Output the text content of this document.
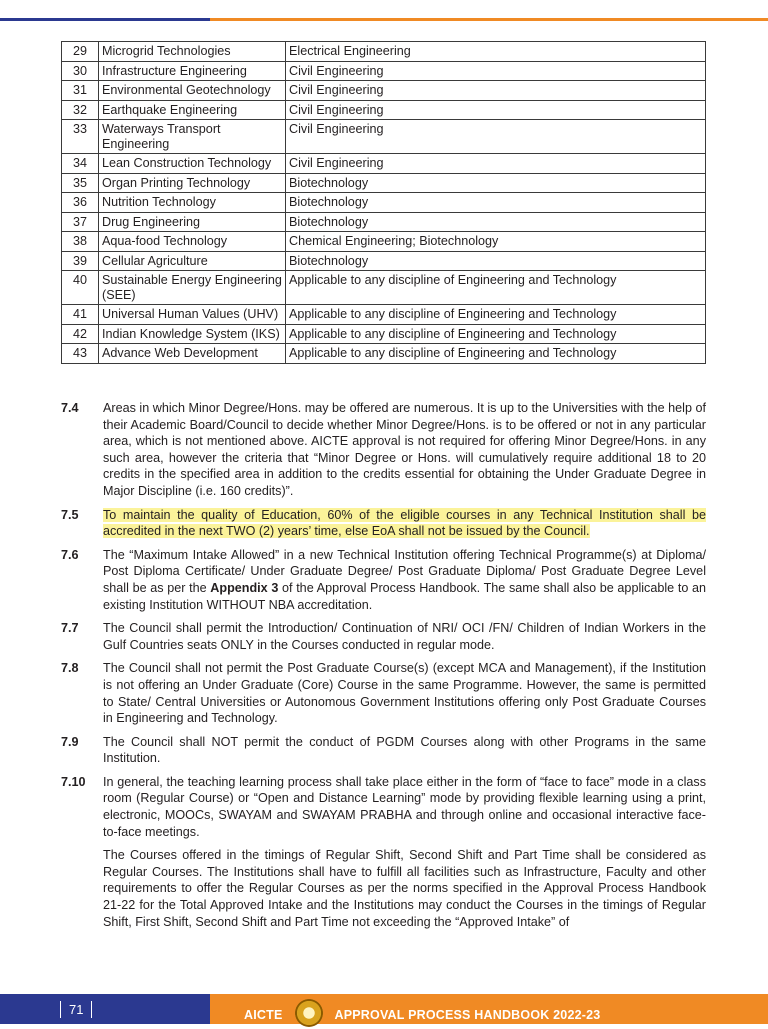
29	Microgrid Technologies	Electrical Engineering
30	Infrastructure Engineering	Civil Engineering
31	Environmental Geotechnology	Civil Engineering
32	Earthquake Engineering	Civil Engineering
33	Waterways Transport Engineering	Civil Engineering
34	Lean Construction Technology	Civil Engineering
35	Organ Printing Technology	Biotechnology
36	Nutrition Technology	Biotechnology
37	Drug Engineering	Biotechnology
38	Aqua-food Technology	Chemical Engineering; Biotechnology
39	Cellular Agriculture	Biotechnology
40	Sustainable Energy Engineering (SEE)	Applicable to any discipline of Engineering and Technology
41	Universal Human Values (UHV)	Applicable to any discipline of Engineering and Technology
42	Indian Knowledge System (IKS)	Applicable to any discipline of Engineering and Technology
43	Advance Web Development	Applicable to any discipline of Engineering and Technology
7.4	Areas in which Minor Degree/Hons. may be offered are numerous. It is up to the Universities with the help of their Academic Board/Council to decide whether Minor Degree/Hons. is to be offered or not in any particular area, which is not mentioned above. AICTE approval is not required for offering Minor Degree/Hons. in any such area, however the criteria that “Minor Degree or Hons. will cumulatively require additional 18 to 20 credits in the specified area in addition to the credits essential for obtaining the Under Graduate Degree in Major Discipline (i.e. 160 credits)”.
7.5	To maintain the quality of Education, 60% of the eligible courses in any Technical Institution shall be accredited in the next TWO (2) years’ time, else EoA shall not be issued by the Council.
7.6	The “Maximum Intake Allowed” in a new Technical Institution offering Technical Programme(s) at Diploma/ Post Diploma Certificate/ Under Graduate Degree/ Post Graduate Diploma/ Post Graduate Degree Level shall be as per the Appendix 3 of the Approval Process Handbook. The same shall also be applicable to an existing Institution WITHOUT NBA accreditation.
7.7	The Council shall permit the Introduction/ Continuation of NRI/ OCI /FN/ Children of Indian Workers in the Gulf Countries seats ONLY in the Courses conducted in regular mode.
7.8	The Council shall not permit the Post Graduate Course(s) (except MCA and Management), if the Institution is not offering an Under Graduate (Core) Course in the same Programme. However, the same is permitted to State/ Central Universities or Autonomous Government Institutions offering only Post Graduate Courses in Engineering and Technology.
7.9	The Council shall NOT permit the conduct of PGDM Courses along with other Programs in the same Institution.
7.10	In general, the teaching learning process shall take place either in the form of “face to face” mode in a class room (Regular Course) or “Open and Distance Learning” mode by providing flexible learning using a print, electronic, MOOCs, SWAYAM and SWAYAM PRABHA and through online and occasional interactive face-to-face meetings.
The Courses offered in the timings of Regular Shift, Second Shift and Part Time shall be considered as Regular Courses. The Institutions shall have to fulfill all facilities such as Infrastructure, Faculty and other requirements to offer the Regular Courses as per the norms specified in the Approval Process Handbook 21-22 for the Total Approved Intake and the Institutions may conduct the Courses in the timings of Regular Shift, First Shift, Second Shift and Part Time not exceeding the “Approved Intake” of
71	AICTE	APPROVAL PROCESS HANDBOOK 2022-23
